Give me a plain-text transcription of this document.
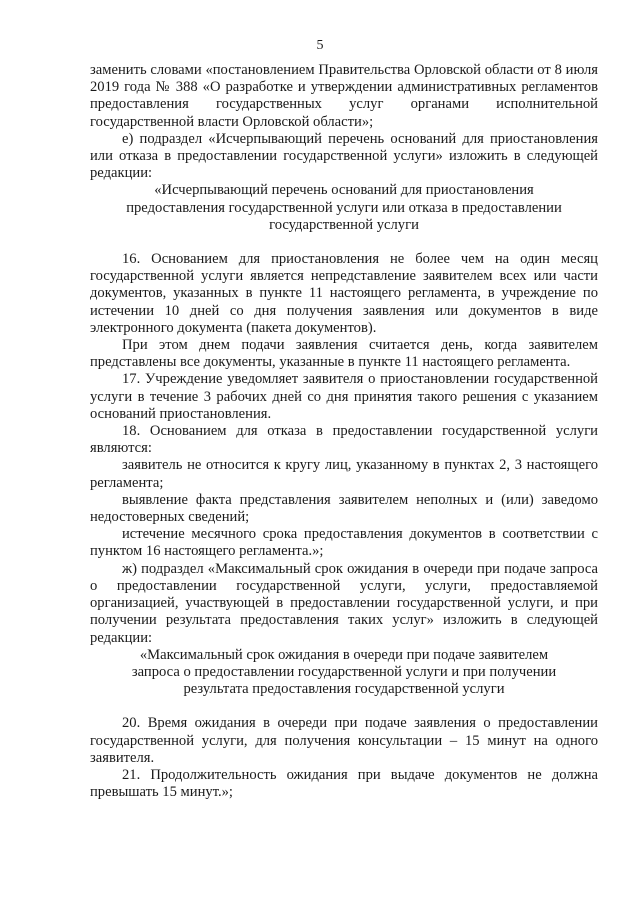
5

заменить словами «постановлением Правительства Орловской области от 8 июля 2019 года № 388 «О разработке и утверждении административных регламентов предоставления государственных услуг органами исполнительной государственной власти Орловской области»;

е) подраздел «Исчерпывающий перечень оснований для приостановления или отказа в предоставлении государственной услуги» изложить в следующей редакции:

«Исчерпывающий перечень оснований для приостановления

предоставления государственной услуги или отказа в предоставлении

государственной услуги

16. Основанием для приостановления не более чем на один месяц государственной услуги является непредставление заявителем всех или части документов, указанных в пункте 11 настоящего регламента, в учреждение по истечении 10 дней со дня получения заявления или документов в виде электронного документа (пакета документов).

При этом днем подачи заявления считается день, когда заявителем представлены все документы, указанные в пункте 11 настоящего регламента.

17. Учреждение уведомляет заявителя о приостановлении государственной услуги в течение 3 рабочих дней со дня принятия такого решения с указанием оснований приостановления.

18. Основанием для отказа в предоставлении государственной услуги являются:

заявитель не относится к кругу лиц, указанному в пунктах 2, 3 настоящего регламента;

выявление факта представления заявителем неполных и (или) заведомо недостоверных сведений;

истечение месячного срока предоставления документов в соответствии с пунктом 16 настоящего регламента.»;

ж) подраздел «Максимальный срок ожидания в очереди при подаче запроса о предоставлении государственной услуги, услуги, предоставляемой организацией, участвующей в предоставлении государственной услуги, и при получении результата предоставления таких услуг» изложить в следующей редакции:

«Максимальный срок ожидания в очереди при подаче заявителем

запроса о предоставлении государственной услуги и при получении

результата предоставления государственной услуги

20. Время ожидания в очереди при подаче заявления о предоставлении государственной услуги, для получения консультации – 15 минут на одного заявителя.

21. Продолжительность ожидания при выдаче документов не должна превышать 15 минут.»;
